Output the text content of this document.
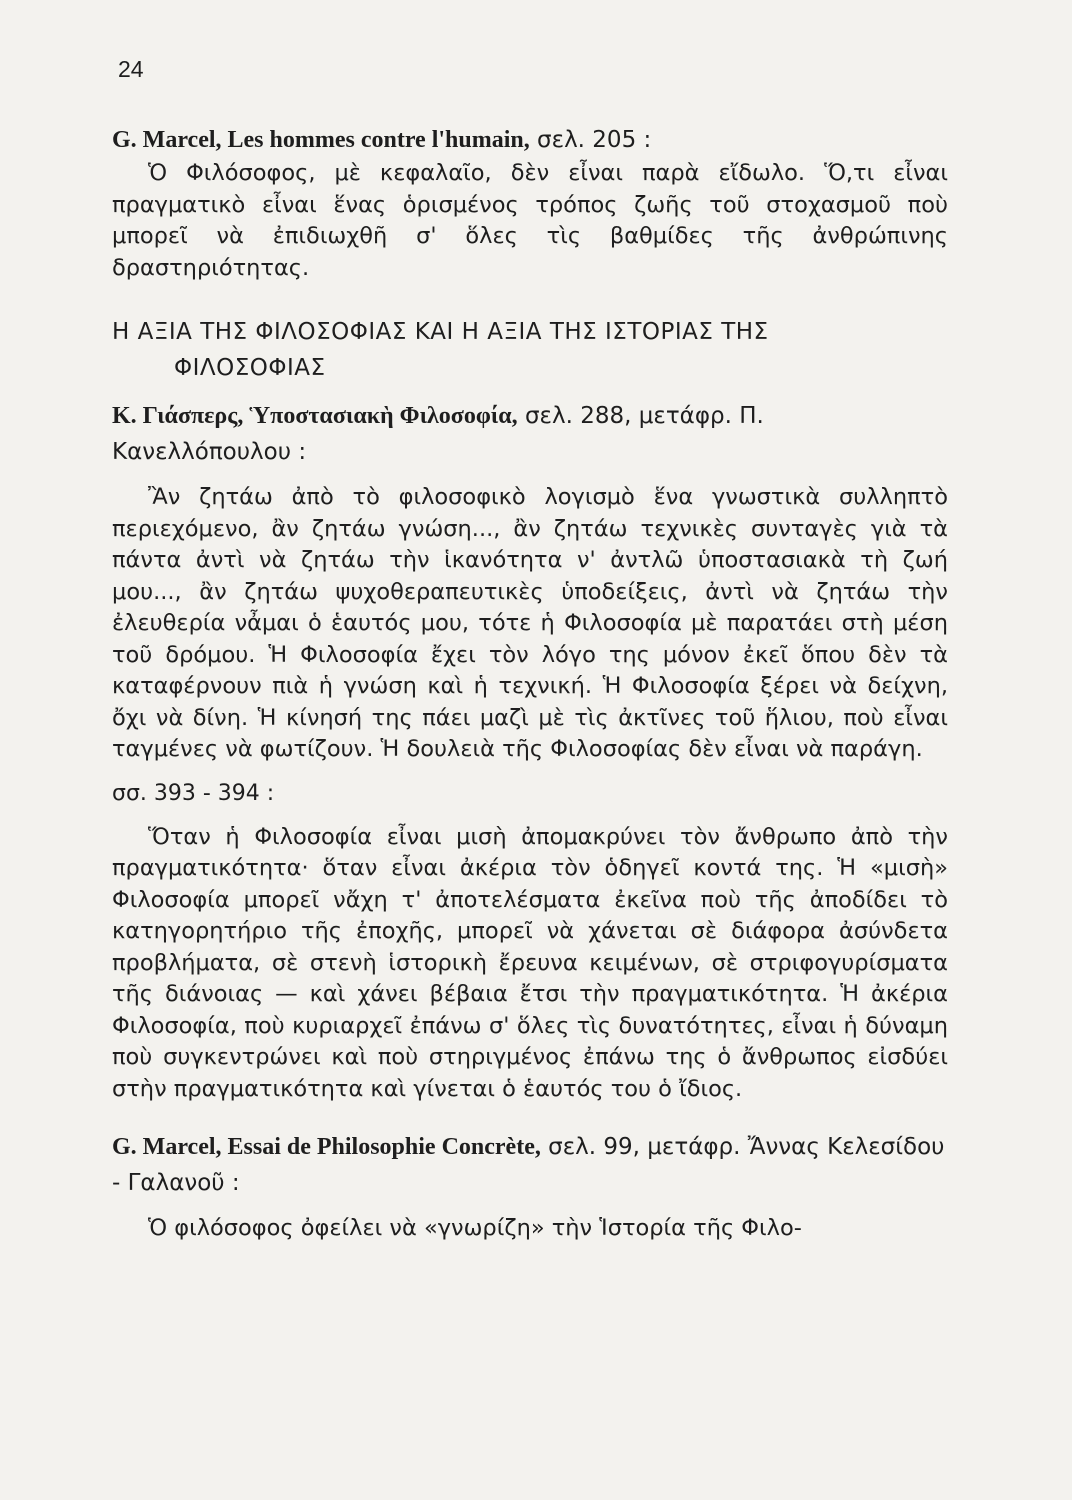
24

G. Marcel, Les hommes contre l'humain, σελ. 205 :

Ὁ Φιλόσοφος, μὲ κεφαλαῖο, δὲν εἶναι παρὰ εἴδωλο. Ὅ,τι εἶναι πραγματικὸ εἶναι ἕνας ὁρισμένος τρόπος ζωῆς τοῦ στοχασμοῦ ποὺ μπορεῖ νὰ ἐπιδιωχθῆ σ' ὅλες τὶς βαθμίδες τῆς ἀνθρώπινης δραστηριότητας.

Η ΑΞΙΑ ΤΗΣ ΦΙΛΟΣΟΦΙΑΣ ΚΑΙ Η ΑΞΙΑ ΤΗΣ ΙΣΤΟΡΙΑΣ ΤΗΣ
ΦΙΛΟΣΟΦΙΑΣ

Κ. Γιάσπερς, Ὑποστασιακὴ Φιλοσοφία, σελ. 288, μετάφρ. Π. Κανελλόπουλου :

Ἂν ζητάω ἀπὸ τὸ φιλοσοφικὸ λογισμὸ ἕνα γνωστικὰ συλληπτὸ περιεχόμενο, ἂν ζητάω γνώση..., ἂν ζητάω τεχνικὲς συνταγὲς γιὰ τὰ πάντα ἀντὶ νὰ ζητάω τὴν ἱκανότητα ν' ἀντλῶ ὑποστασιακὰ τὴ ζωή μου..., ἂν ζητάω ψυχοθεραπευτικὲς ὑποδείξεις, ἀντὶ νὰ ζητάω τὴν ἐλευθερία νἆμαι ὁ ἑαυτός μου, τότε ἡ Φιλοσοφία μὲ παρατάει στὴ μέση τοῦ δρόμου. Ἡ Φιλοσοφία ἔχει τὸν λόγο της μόνον ἐκεῖ ὅπου δὲν τὰ καταφέρνουν πιὰ ἡ γνώση καὶ ἡ τεχνική. Ἡ Φιλοσοφία ξέρει νὰ δείχνη, ὄχι νὰ δίνη. Ἡ κίνησή της πάει μαζὶ μὲ τὶς ἀκτῖνες τοῦ ἥλιου, ποὺ εἶναι ταγμένες νὰ φωτίζουν. Ἡ δουλειὰ τῆς Φιλοσοφίας δὲν εἶναι νὰ παράγη.

σσ. 393 - 394 :

Ὅταν ἡ Φιλοσοφία εἶναι μισὴ ἀπομακρύνει τὸν ἄνθρωπο ἀπὸ τὴν πραγματικότητα· ὅταν εἶναι ἀκέρια τὸν ὁδηγεῖ κοντά της. Ἡ «μισὴ» Φιλοσοφία μπορεῖ νἄχη τ' ἀποτελέσματα ἐκεῖνα ποὺ τῆς ἀποδίδει τὸ κατηγορητήριο τῆς ἐποχῆς, μπορεῖ νὰ χάνεται σὲ διάφορα ἀσύνδετα προβλήματα, σὲ στενὴ ἱστορικὴ ἔρευνα κειμένων, σὲ στριφογυρίσματα τῆς διάνοιας — καὶ χάνει βέβαια ἔτσι τὴν πραγματικότητα. Ἡ ἀκέρια Φιλοσοφία, ποὺ κυριαρχεῖ ἐπάνω σ' ὅλες τὶς δυνατότητες, εἶναι ἡ δύναμη ποὺ συγκεντρώνει καὶ ποὺ στηριγμένος ἐπάνω της ὁ ἄνθρωπος εἰσδύει στὴν πραγματικότητα καὶ γίνεται ὁ ἑαυτός του ὁ ἴδιος.

G. Marcel, Essai de Philosophie Concrète, σελ. 99, μετάφρ. Ἄννας Κελεσίδου - Γαλανοῦ :

Ὁ φιλόσοφος ὀφείλει νὰ «γνωρίζη» τὴν Ἱστορία τῆς Φιλο-
